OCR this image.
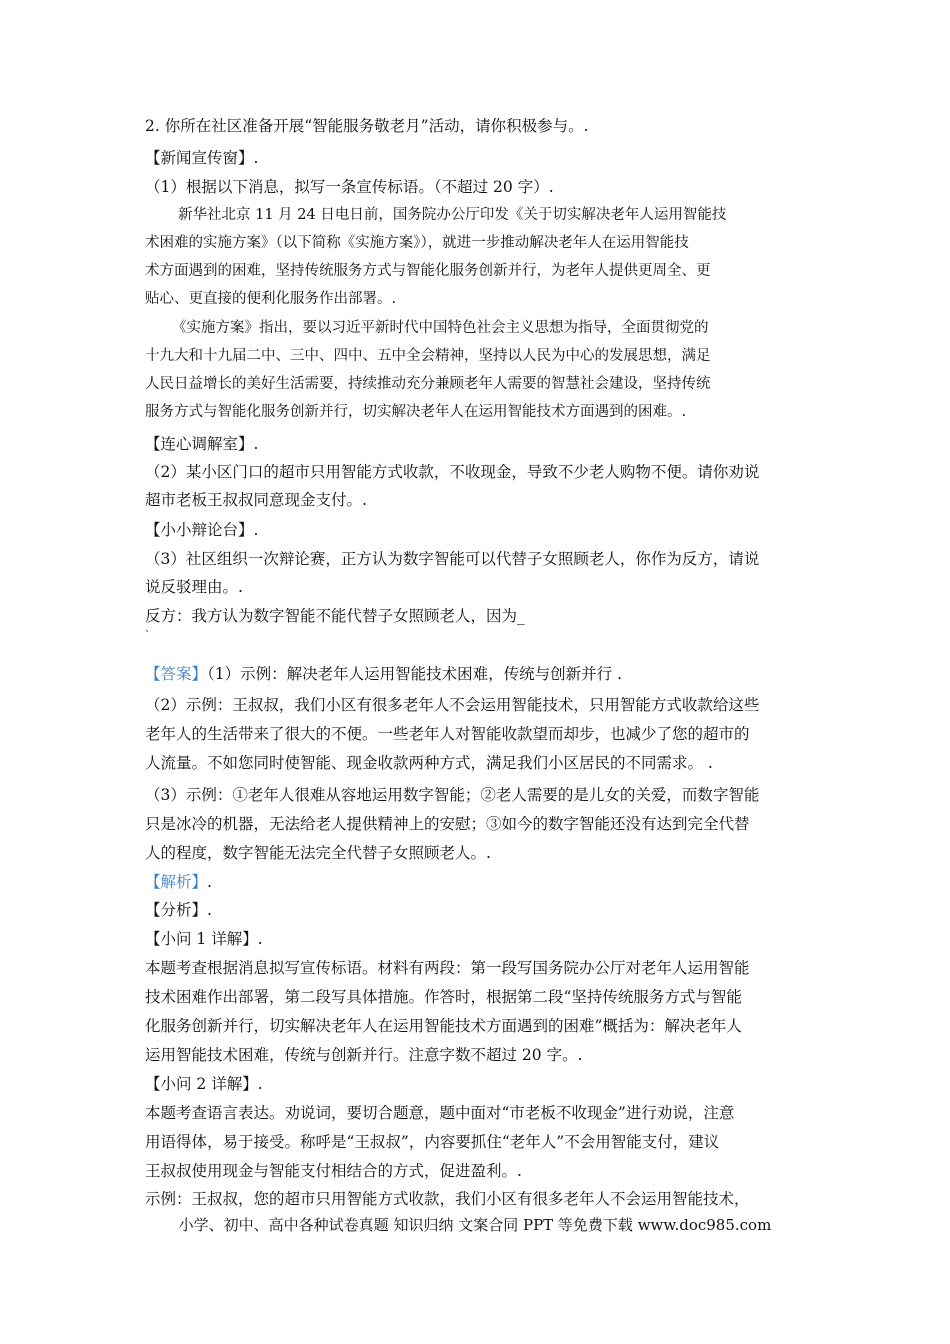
2. 你所在社区准备开展“智能服务敬老月”活动，请你积极参与。.
【新闻宣传窗】.
（1）根据以下消息，拟写一条宣传标语。（不超过 20 字）.
新华社北京 11 月 24 日电日前，国务院办公厅印发《关于切实解决老年人运用智能技
术困难的实施方案》（以下简称《实施方案》），就进一步推动解决老年人在运用智能技
术方面遇到的困难，坚持传统服务方式与智能化服务创新并行，为老年人提供更周全、更
贴心、更直接的便利化服务作出部署。.
《实施方案》指出，要以习近平新时代中国特色社会主义思想为指导，全面贯彻党的
十九大和十九届二中、三中、四中、五中全会精神，坚持以人民为中心的发展思想，满足
人民日益增长的美好生活需要，持续推动充分兼顾老年人需要的智慧社会建设，坚持传统
服务方式与智能化服务创新并行，切实解决老年人在运用智能技术方面遇到的困难。.
【连心调解室】.
（2）某小区门口的超市只用智能方式收款，不收现金，导致不少老人购物不便。请你劝说
超市老板王叔叔同意现金支付。.
【小小辩论台】.
（3）社区组织一次辩论赛，正方认为数字智能可以代替子女照顾老人，你作为反方，请说
说反驳理由。.
反方：我方认为数字智能不能代替子女照顾老人，因为_
`
【答案】（1）示例：解决老年人运用智能技术困难，传统与创新并行 .
（2）示例：王叔叔，我们小区有很多老年人不会运用智能技术，只用智能方式收款给这些
老年人的生活带来了很大的不便。一些老年人对智能收款望而却步，也减少了您的超市的
人流量。不如您同时使智能、现金收款两种方式，满足我们小区居民的不同需求。 .
（3）示例：①老年人很难从容地运用数字智能；②老人需要的是儿女的关爱，而数字智能
只是冰冷的机器，无法给老人提供精神上的安慰；③如今的数字智能还没有达到完全代替
人的程度，数字智能无法完全代替子女照顾老人。.
【解析】.
【分析】.
【小问 1 详解】.
本题考查根据消息拟写宣传标语。材料有两段：第一段写国务院办公厅对老年人运用智能
技术困难作出部署，第二段写具体措施。作答时，根据第二段“坚持传统服务方式与智能
化服务创新并行，切实解决老年人在运用智能技术方面遇到的困难”概括为：解决老年人
运用智能技术困难，传统与创新并行。注意字数不超过 20 字。.
【小问 2 详解】.
本题考查语言表达。劝说词，要切合题意，题中面对“市老板不收现金”进行劝说，注意
用语得体，易于接受。称呼是“王叔叔”，内容要抓住“老年人”不会用智能支付，建议
王叔叔使用现金与智能支付相结合的方式，促进盈利。.
示例：王叔叔，您的超市只用智能方式收款，我们小区有很多老年人不会运用智能技术，
小学、初中、高中各种试卷真题 知识归纳 文案合同 PPT 等免费下载 www.doc985.com
